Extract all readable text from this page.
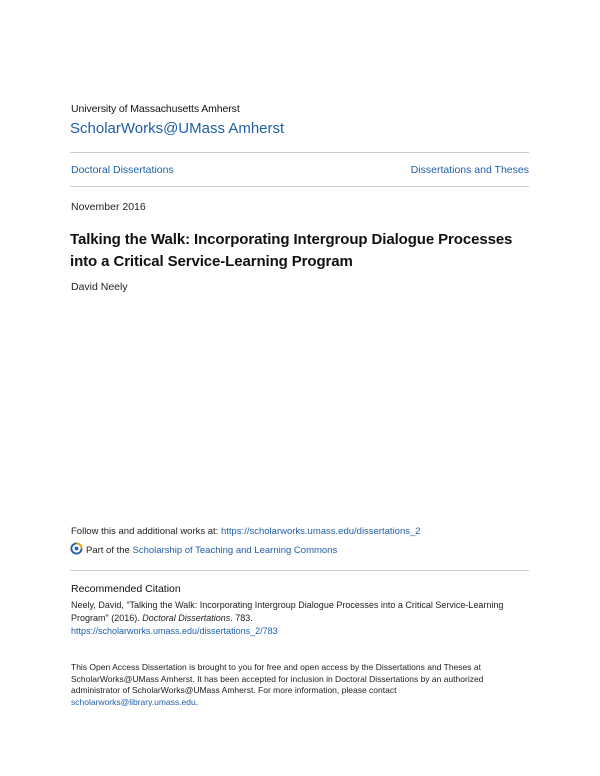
University of Massachusetts Amherst
ScholarWorks@UMass Amherst
Doctoral Dissertations	Dissertations and Theses
November 2016
Talking the Walk: Incorporating Intergroup Dialogue Processes
into a Critical Service-Learning Program
David Neely
Follow this and additional works at: https://scholarworks.umass.edu/dissertations_2
Part of the Scholarship of Teaching and Learning Commons
Recommended Citation
Neely, David, "Talking the Walk: Incorporating Intergroup Dialogue Processes into a Critical Service-Learning Program" (2016). Doctoral Dissertations. 783.
https://scholarworks.umass.edu/dissertations_2/783
This Open Access Dissertation is brought to you for free and open access by the Dissertations and Theses at ScholarWorks@UMass Amherst. It has been accepted for inclusion in Doctoral Dissertations by an authorized administrator of ScholarWorks@UMass Amherst. For more information, please contact
scholarworks@library.umass.edu.
